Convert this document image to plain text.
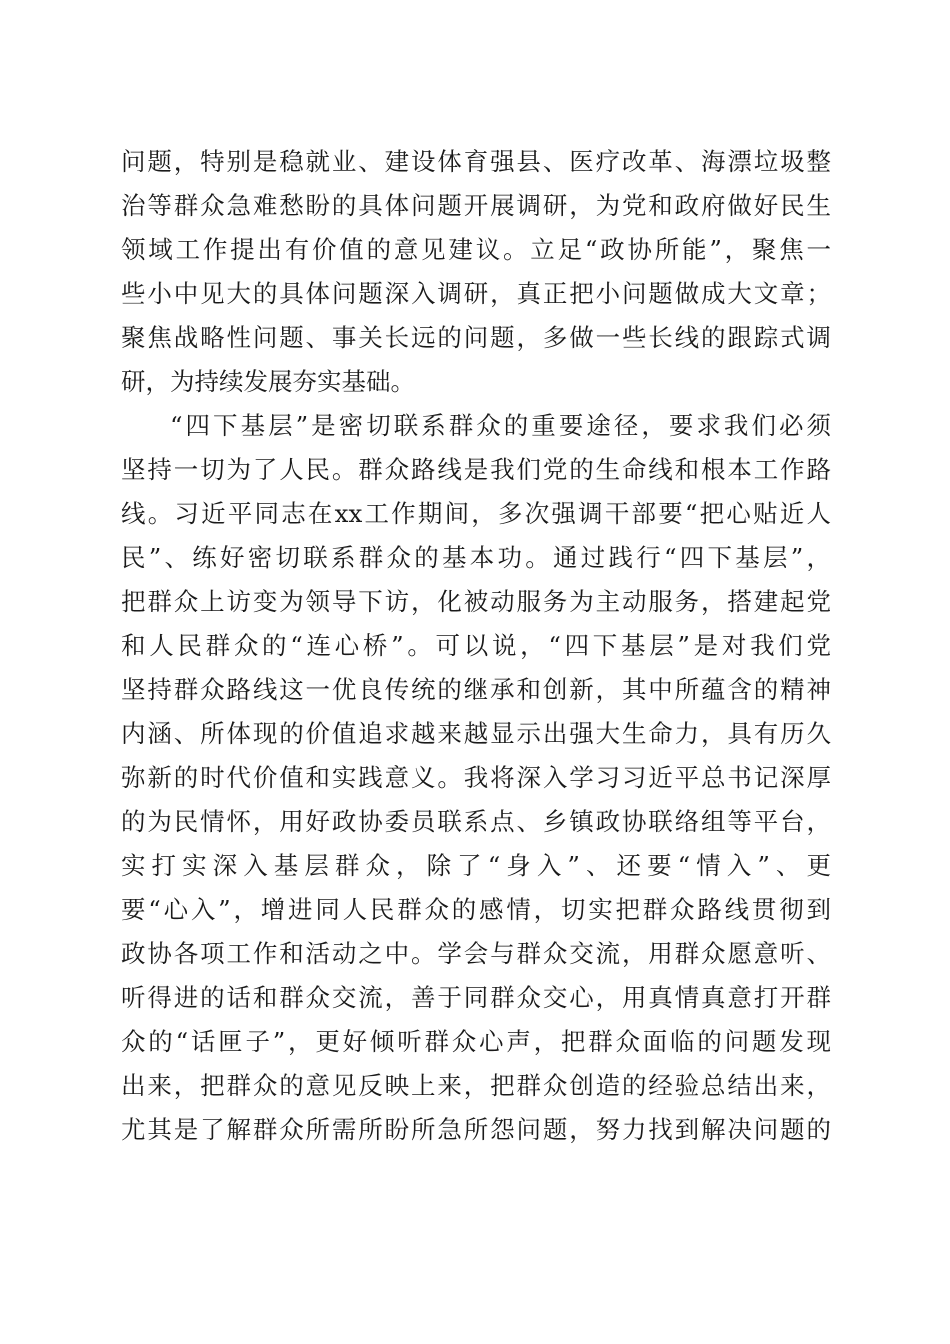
问题，特别是稳就业、建设体育强县、医疗改革、海漂垃圾整
治等群众急难愁盼的具体问题开展调研，为党和政府做好民生
领域工作提出有价值的意见建议。立足“政协所能”，聚焦一
些小中见大的具体问题深入调研，真正把小问题做成大文章；
聚焦战略性问题、事关长远的问题，多做一些长线的跟踪式调
研，为持续发展夯实基础。
“四下基层”是密切联系群众的重要途径，要求我们必须
坚持一切为了人民。群众路线是我们党的生命线和根本工作路
线。习近平同志在xx工作期间，多次强调干部要“把心贴近人
民”、练好密切联系群众的基本功。通过践行“四下基层”，
把群众上访变为领导下访，化被动服务为主动服务，搭建起党
和人民群众的“连心桥”。可以说，“四下基层”是对我们党
坚持群众路线这一优良传统的继承和创新，其中所蕴含的精神
内涵、所体现的价值追求越来越显示出强大生命力，具有历久
弥新的时代价值和实践意义。我将深入学习习近平总书记深厚
的为民情怀，用好政协委员联系点、乡镇政协联络组等平台，
实打实深入基层群众，除了“身入”、还要“情入”、更
要“心入”，增进同人民群众的感情，切实把群众路线贯彻到
政协各项工作和活动之中。学会与群众交流，用群众愿意听、
听得进的话和群众交流，善于同群众交心，用真情真意打开群
众的“话匣子”，更好倾听群众心声，把群众面临的问题发现
出来，把群众的意见反映上来，把群众创造的经验总结出来，
尤其是了解群众所需所盼所急所怨问题，努力找到解决问题的
